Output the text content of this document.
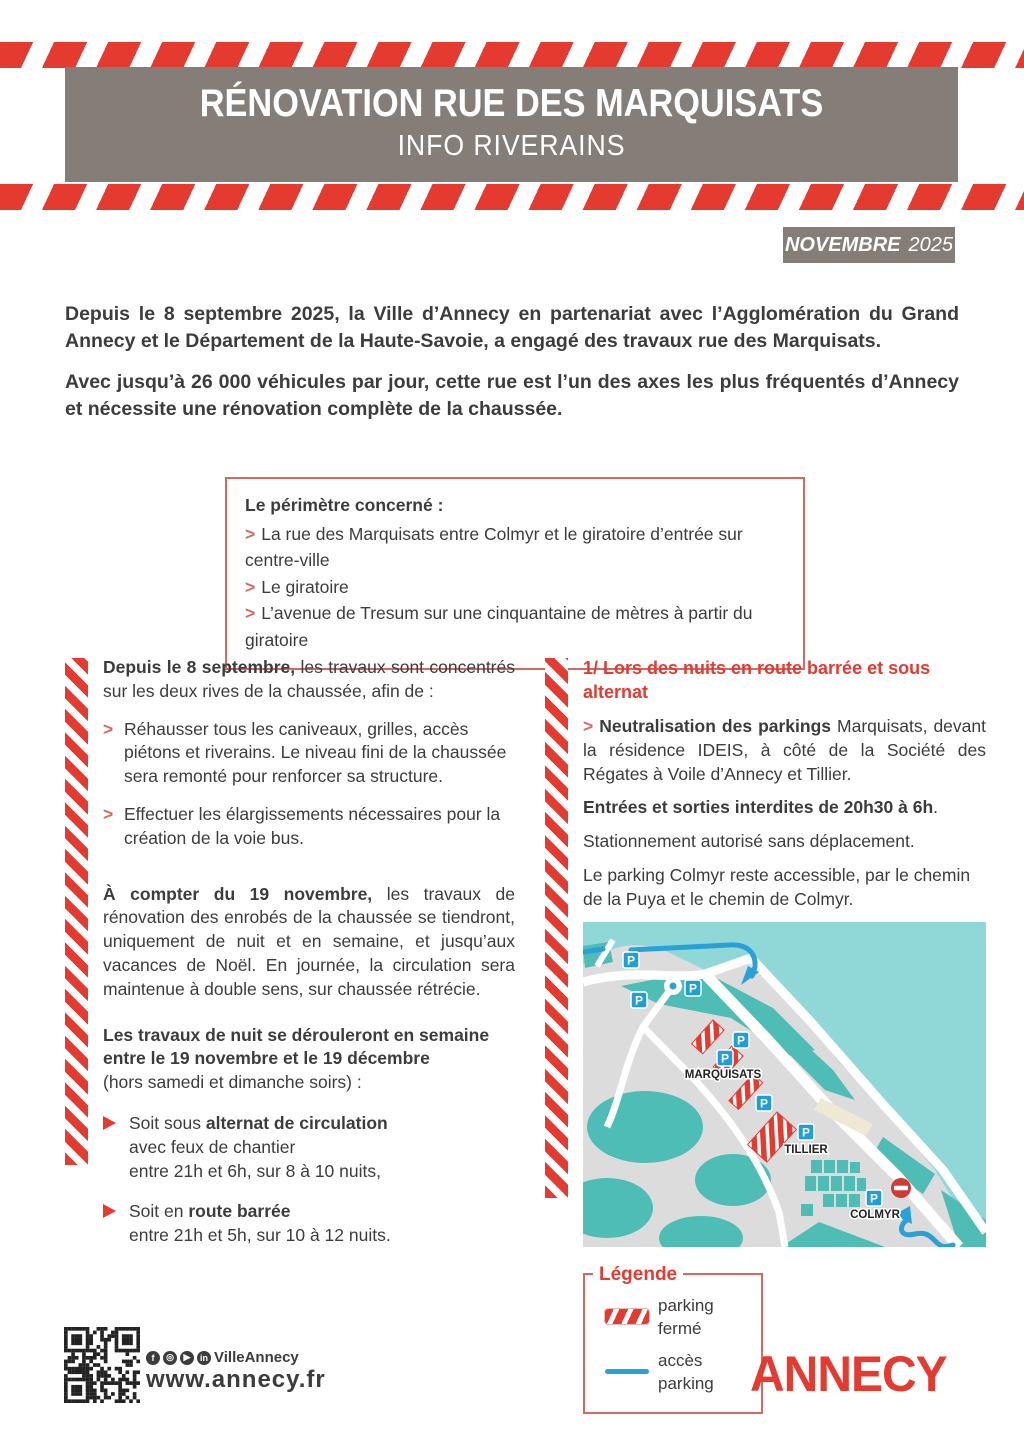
RÉNOVATION RUE DES MARQUISATS
INFO RIVERAINS
NOVEMBRE 2025

Depuis le 8 septembre 2025, la Ville d’Annecy en partenariat avec l’Agglomération du Grand Annecy et le Département de la Haute-Savoie, a engagé des travaux rue des Marquisats.

Avec jusqu’à 26 000 véhicules par jour, cette rue est l’un des axes les plus fréquentés d’Annecy et nécessite une rénovation complète de la chaussée.

Le périmètre concerné :
> La rue des Marquisats entre Colmyr et le giratoire d’entrée sur centre-ville
> Le giratoire
> L’avenue de Tresum sur une cinquantaine de mètres à partir du giratoire

Depuis le 8 septembre, les travaux sont concentrés sur les deux rives de la chaussée, afin de :

> Réhausser tous les caniveaux, grilles, accès piétons et riverains. Le niveau fini de la chaussée sera remonté pour renforcer sa structure.
> Effectuer les élargissements nécessaires pour la création de la voie bus.

À compter du 19 novembre, les travaux de rénovation des enrobés de la chaussée se tiendront, uniquement de nuit et en semaine, et jusqu’aux vacances de Noël. En journée, la circulation sera maintenue à double sens, sur chaussée rétrécie.

Les travaux de nuit se dérouleront en semaine entre le 19 novembre et le 19 décembre
(hors samedi et dimanche soirs) :

Soit sous alternat de circulation
avec feux de chantier
entre 21h et 6h, sur 8 à 10 nuits,
Soit en route barrée
entre 21h et 5h, sur 10 à 12 nuits.

1/ Lors des nuits en route barrée et sous alternat

> Neutralisation des parkings Marquisats, devant la résidence IDEIS, à côté de la Société des Régates à Voile d’Annecy et Tillier.

Entrées et sorties interdites de 20h30 à 6h.

Stationnement autorisé sans déplacement.

Le parking Colmyr reste accessible, par le chemin de la Puya et le chemin de Colmyr.

P
P
P
P
P
P
P
P
MARQUISATS
TILLIER
COLMYR
Légende
parking fermé
accès parking
f	◎	▶	in VilleAnnecy
www.annecy.fr	ANNECY
